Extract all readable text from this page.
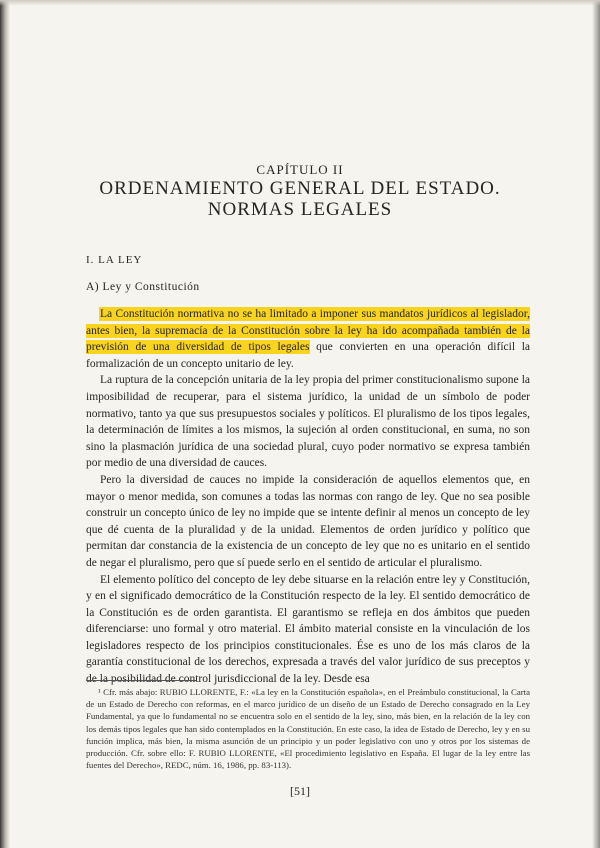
CAPÍTULO II
ORDENAMIENTO GENERAL DEL ESTADO.
NORMAS LEGALES
I. LA LEY
A) Ley y Constitución

La Constitución normativa no se ha limitado a imponer sus mandatos jurídicos al legislador, antes bien, la supremacía de la Constitución sobre la ley ha ido acompañada también de la previsión de una diversidad de tipos legales que convierten en una operación difícil la formalización de un concepto unitario de ley.

La ruptura de la concepción unitaria de la ley propia del primer constitucionalismo supone la imposibilidad de recuperar, para el sistema jurídico, la unidad de un símbolo de poder normativo, tanto ya que sus presupuestos sociales y políticos. El pluralismo de los tipos legales, la determinación de límites a los mismos, la sujeción al orden constitucional, en suma, no son sino la plasmación jurídica de una sociedad plural, cuyo poder normativo se expresa también por medio de una diversidad de cauces.

Pero la diversidad de cauces no impide la consideración de aquellos elementos que, en mayor o menor medida, son comunes a todas las normas con rango de ley. Que no sea posible construir un concepto único de ley no impide que se intente definir al menos un concepto de ley que dé cuenta de la pluralidad y de la unidad. Elementos de orden jurídico y político que permitan dar constancia de la existencia de un concepto de ley que no es unitario en el sentido de negar el pluralismo, pero que sí puede serlo en el sentido de articular el pluralismo.

El elemento político del concepto de ley debe situarse en la relación entre ley y Constitución, y en el significado democrático de la Constitución respecto de la ley. El sentido democrático de la Constitución es de orden garantista. El garantismo se refleja en dos ámbitos que pueden diferenciarse: uno formal y otro material. El ámbito material consiste en la vinculación de los legisladores respecto de los principios constitucionales. Ése es uno de los más claros de la garantía constitucional de los derechos, expresada a través del valor jurídico de sus preceptos y de la posibilidad de control jurisdiccional de la ley. Desde esa

¹ Cfr. más abajo: RUBIO LLORENTE, F.: «La ley en la Constitución española», en el Preámbulo constitucional, la Carta de un Estado de Derecho con reformas, en el marco jurídico de un diseño de un Estado de Derecho consagrado en la Ley Fundamental, ya que lo fundamental no se encuentra solo en el sentido de la ley, sino, más bien, en la relación de la ley con los demás tipos legales que han sido contemplados en la Constitución. En este caso, la idea de Estado de Derecho, ley y en su función implica, más bien, la misma asunción de un principio y un poder legislativo con uno y otros por los sistemas de producción. Cfr. sobre ello: F. RUBIO LLORENTE, «El procedimiento legislativo en España. El lugar de la ley entre las fuentes del Derecho», REDC, núm. 16, 1986, pp. 83-113).

[51]
